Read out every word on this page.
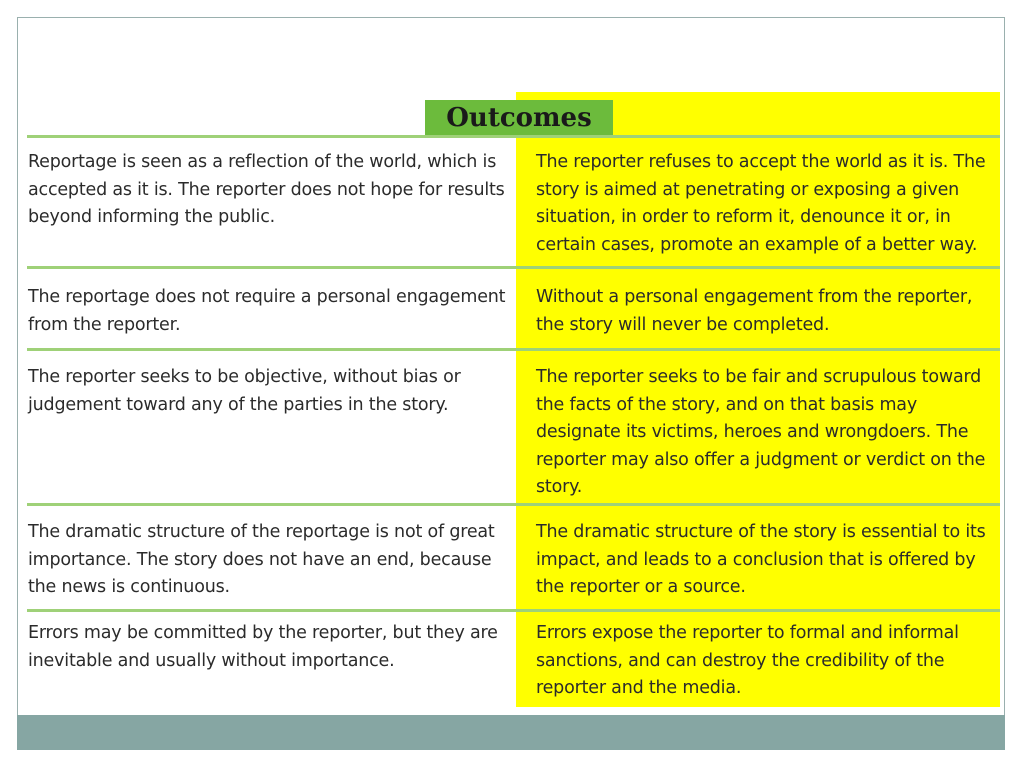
Outcomes
Reportage is seen as a reflection of the world, which is accepted as it is. The reporter does not hope for results beyond informing the public.
The reporter refuses to accept the world as it is. The story is aimed at penetrating or exposing a given situation, in order to reform it, denounce it or, in certain cases, promote an example of a better way.
The reportage does not require a personal engagement from the reporter.
Without a personal engagement from the reporter, the story will never be completed.
The reporter seeks to be objective, without bias or judgement toward any of the parties in the story.
The reporter seeks to be fair and scrupulous toward the facts of the story, and on that basis may designate its victims, heroes and wrongdoers. The reporter may also offer a judgment or verdict on the story.
The dramatic structure of the reportage is not of great importance. The story does not have an end, because the news is continuous.
The dramatic structure of the story is essential to its impact, and leads to a conclusion that is offered by the reporter or a source.
Errors may be committed by the reporter, but they are inevitable and usually without importance.
Errors expose the reporter to formal and informal sanctions, and can destroy the credibility of the reporter and the media.
